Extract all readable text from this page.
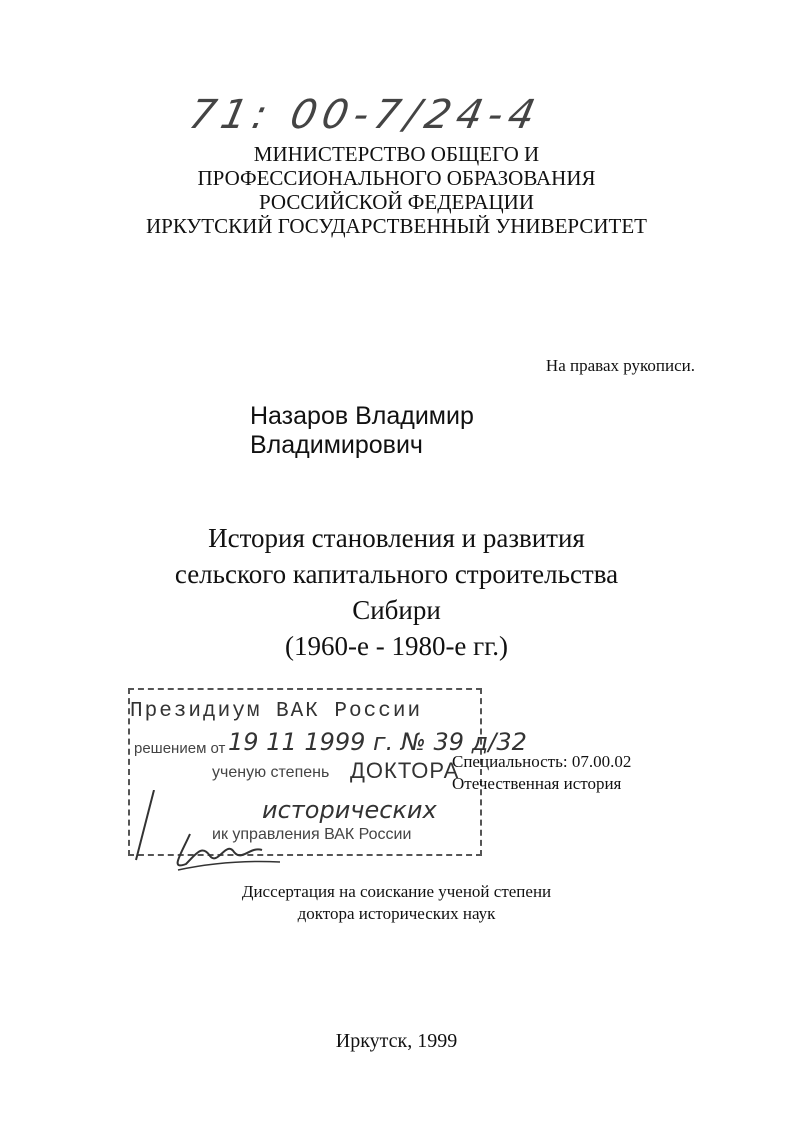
71: 00-7/24-4
МИНИСТЕРСТВО ОБЩЕГО И
ПРОФЕССИОНАЛЬНОГО ОБРАЗОВАНИЯ
РОССИЙСКОЙ ФЕДЕРАЦИИ
ИРКУТСКИЙ ГОСУДАРСТВЕННЫЙ УНИВЕРСИТЕТ
На правах рукописи.
Назаров Владимир Владимирович
История становления и развития
сельского капитального строительства
Сибири
(1960-е - 1980-е гг.)
Президиум ВАК России
решением от 19 11 1999 г. № 39 д/32
ученую степень ДОКТОРА
исторических
ик управления ВАК России
Специальность: 07.00.02
Отечественная история
Диссертация на соискание ученой степени
доктора исторических наук
Иркутск, 1999
